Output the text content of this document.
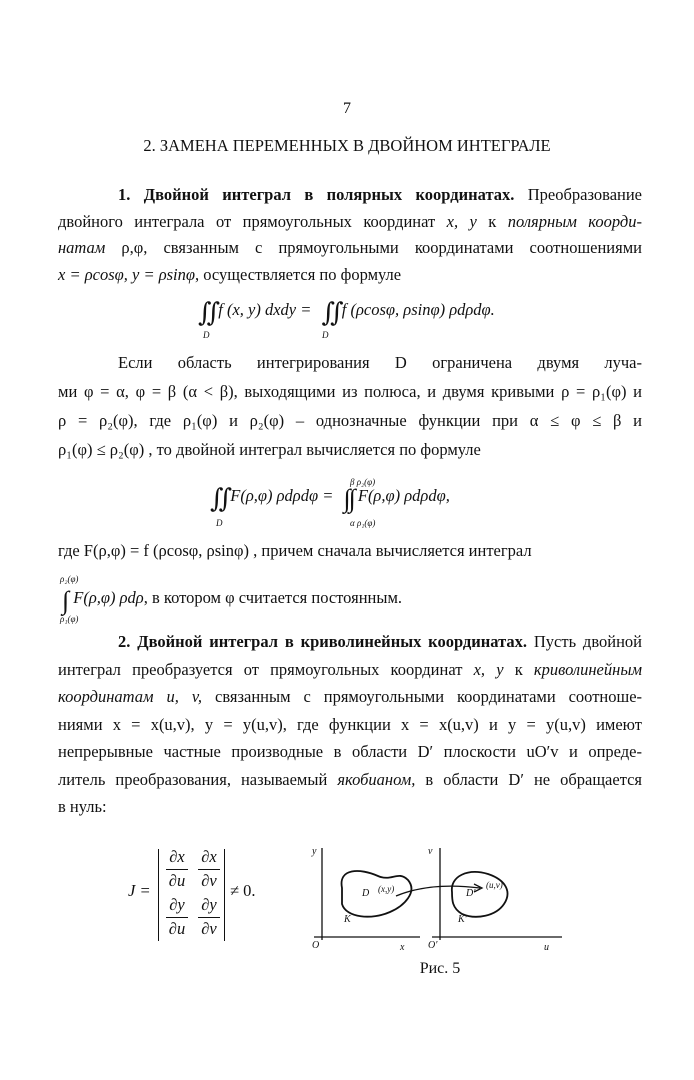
7
2. ЗАМЕНА ПЕРЕМЕННЫХ В ДВОЙНОМ ИНТЕГРАЛЕ
1. Двойной интеграл в полярных координатах. Преобразование
двойного интеграла от прямоугольных координат x, y к полярным коорди-
натам ρ,φ, связанным с прямоугольными координатами соотношениями
x = ρcosφ, y = ρsinφ, осуществляется по формуле
∬ f (x, y) dxdy = ∬ f (ρcosφ, ρsinφ) ρdρdφ.
D	D
Если область интегрирования D ограничена двумя луча-
ми φ = α, φ = β (α < β), выходящими из полюса, и двумя кривыми ρ = ρ₁(φ) и
ρ = ρ₂(φ), где ρ₁(φ) и ρ₂(φ) – однозначные функции при α ≤ φ ≤ β и
ρ₁(φ) ≤ ρ₂(φ) , то двойной интеграл вычисляется по формуле
∬ F(ρ,φ) ρdρdφ = ∫∫ F(ρ,φ) ρdρdφ,
D
β ρ₂(φ)
α ρ₁(φ)
где F(ρ,φ) = f (ρcosφ, ρsinφ) , причем сначала вычисляется интеграл
∫ F(ρ,φ) ρdρ, в котором φ считается постоянным.
ρ₂(φ)
ρ₁(φ)
2. Двойной интеграл в криволинейных координатах. Пусть двойной
интеграл преобразуется от прямоугольных координат x, y к криволинейным
координатам u, v, связанным с прямоугольными координатами соотноше-
ниями x = x(u,v), y = y(u,v), где функции x = x(u,v) и y = y(u,v) имеют
непрерывные частные производные в области D′ плоскости uO′v и опреде-
литель преобразования, называемый якобианом, в области D′ не обращается
в нуль:
J =
∂x	∂x
∂u ∂v
∂y	∂y
∂u ∂v
≠ 0.
y
x
O
D (x,y)
K
v
u
O′
D′
(u,v)
K′
Рис. 5
